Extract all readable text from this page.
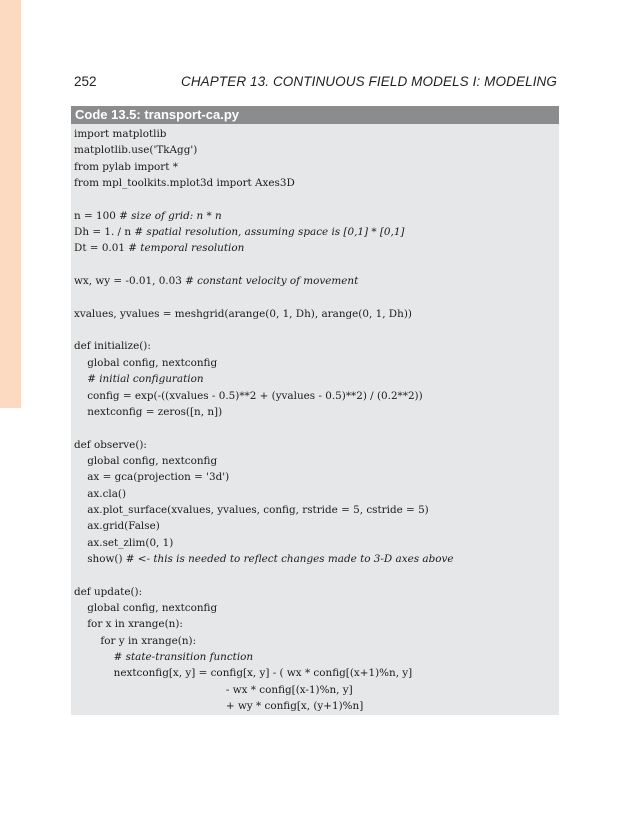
252	CHAPTER 13. CONTINUOUS FIELD MODELS I: MODELING
Code 13.5: transport-ca.py
import matplotlib
matplotlib.use('TkAgg')
from pylab import *
from mpl_toolkits.mplot3d import Axes3D
n = 100 # size of grid: n * n
Dh = 1. / n # spatial resolution, assuming space is [0,1] * [0,1]
Dt = 0.01 # temporal resolution
wx, wy = -0.01, 0.03 # constant velocity of movement
xvalues, yvalues = meshgrid(arange(0, 1, Dh), arange(0, 1, Dh))
def initialize():
global config, nextconfig
# initial configuration
config = exp(-((xvalues - 0.5)**2 + (yvalues - 0.5)**2) / (0.2**2))
nextconfig = zeros([n, n])
def observe():
global config, nextconfig
ax = gca(projection = '3d')
ax.cla()
ax.plot_surface(xvalues, yvalues, config, rstride = 5, cstride = 5)
ax.grid(False)
ax.set_zlim(0, 1)
show() # <- this is needed to reflect changes made to 3-D axes above
def update():
global config, nextconfig
for x in xrange(n):
for y in xrange(n):
# state-transition function
nextconfig[x, y] = config[x, y] - ( wx * config[(x+1)%n, y]
- wx * config[(x-1)%n, y]
+ wy * config[x, (y+1)%n]
